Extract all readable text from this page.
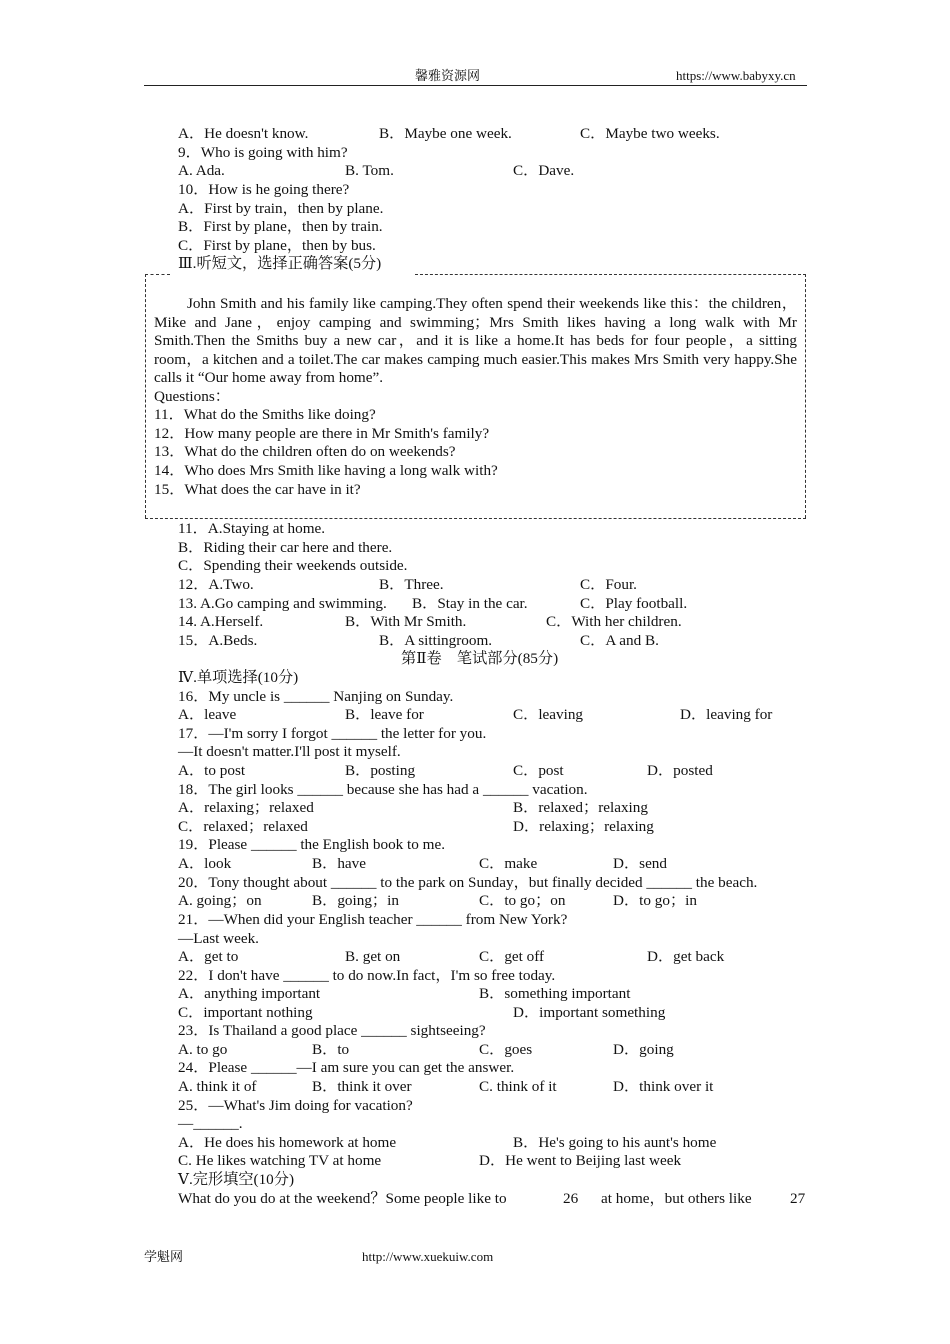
馨雅资源网	https://www.babyxy.cn
A．He doesn't know.	B．Maybe one week.	C．Maybe two weeks.
9．Who is going with him?
A. Ada.	B. Tom.	C．Dave.
10．How is he going there?
A．First by train，then by plane.
B．First by plane，then by train.
C．First by plane，then by bus.
Ⅲ.听短文，选择正确答案(5分)
John Smith and his family like camping.They often spend their weekends like this：the children，Mike and Jane，enjoy camping and swimming；Mrs Smith likes having a long walk with Mr Smith.Then the Smiths buy a new car，and it is like a home.It has beds for four people，a sitting room，a kitchen and a toilet.The car makes camping much easier.This makes Mrs Smith very happy.She calls it “Our home away from home”.
Questions：
11．What do the Smiths like doing?
12．How many people are there in Mr Smith's family?
13．What do the children often do on weekends?
14．Who does Mrs Smith like having a long walk with?
15．What does the car have in it?
11．A.Staying at home.
B．Riding their car here and there.
C．Spending their weekends outside.
12．A.Two.	B．Three.	C．Four.
13. A.Go camping and swimming. B．Stay in the car.	C．Play football.
14. A.Herself.	B．With Mr Smith.	C．With her children.
15．A.Beds.	B．A sittingroom.	C．A and B.
第Ⅱ卷　笔试部分(85分)
Ⅳ.单项选择(10分)
16．My uncle is ______ Nanjing on Sunday.
A．leave	B．leave for	C．leaving	D．leaving for
17．—I'm sorry I forgot ______ the letter for you.
—It doesn't matter.I'll post it myself.
A．to post	B．posting	C．post	D．posted
18．The girl looks ______ because she has had a ______ vacation.
A．relaxing；relaxed	B．relaxed；relaxing
C．relaxed；relaxed	D．relaxing；relaxing
19．Please ______ the English book to me.
A．look	B．have	C．make	D．send
20．Tony thought about ______ to the park on Sunday，but finally decided ______ the beach.
A. going；on	B．going；in	C．to go；on	D．to go；in
21．—When did your English teacher ______ from New York?
—Last week.
A．get to	B. get on	C．get off	D．get back
22．I don't have ______ to do now.In fact，I'm so free today.
A．anything important	B．something important
C．important nothing	D．important something
23．Is Thailand a good place ______ sightseeing?
A. to go	B．to	C．goes	D．going
24．Please ______—I am sure you can get the answer.
A. think it of	B．think it over	C. think of it	D．think over it
25．—What's Jim doing for vacation?
—______.
A．He does his homework at home	B．He's going to his aunt's home
C. He likes watching TV at home	D．He went to Beijing last week
Ⅴ.完形填空(10分)
What do you do at the weekend？Some people like to	26 at home，but others like	27
学魁网	http://www.xuekuiw.com
